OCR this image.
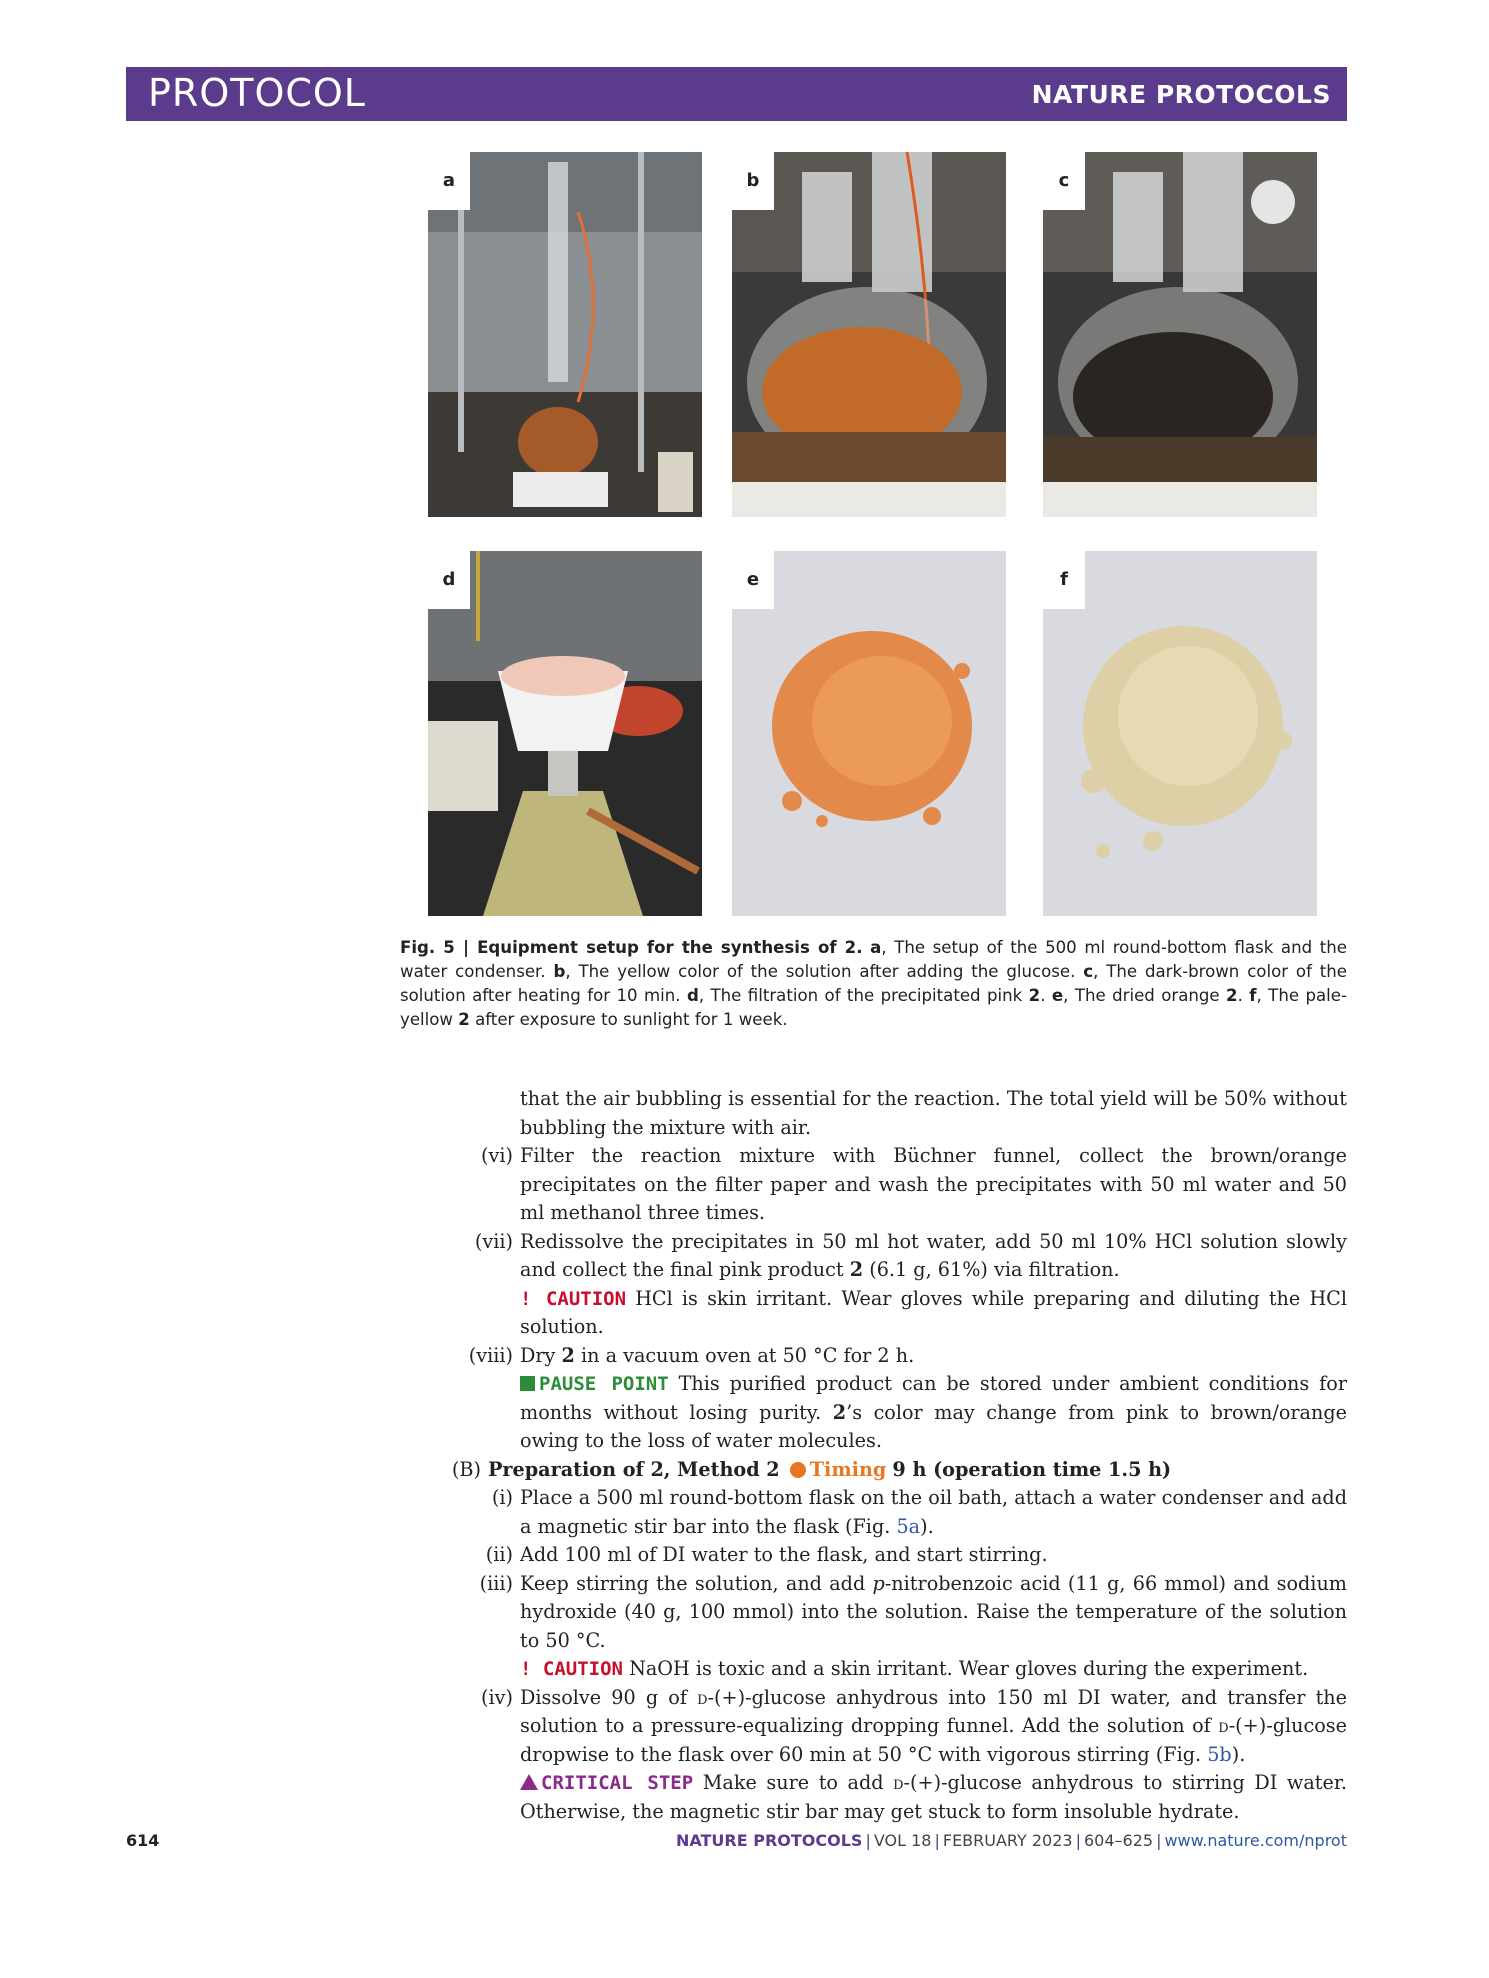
PROTOCOL	NATURE PROTOCOLS
a	b	c
d	e	f
Fig. 5 | Equipment setup for the synthesis of 2. a, The setup of the 500 ml round-bottom flask and the water condenser. b, The yellow color of the solution after adding the glucose. c, The dark-brown color of the solution after heating for 10 min. d, The filtration of the precipitated pink 2. e, The dried orange 2. f, The pale-yellow 2 after exposure to sunlight for 1 week.
that the air bubbling is essential for the reaction. The total yield will be 50% without bubbling the mixture with air.
(vi) Filter the reaction mixture with Büchner funnel, collect the brown/orange precipitates on the filter paper and wash the precipitates with 50 ml water and 50 ml methanol three times.
(vii) Redissolve the precipitates in 50 ml hot water, add 50 ml 10% HCl solution slowly and collect the final pink product 2 (6.1 g, 61%) via filtration.
! CAUTION HCl is skin irritant. Wear gloves while preparing and diluting the HCl solution.
(viii) Dry 2 in a vacuum oven at 50 °C for 2 h.
PAUSE POINT This purified product can be stored under ambient conditions for months without losing purity. 2’s color may change from pink to brown/orange owing to the loss of water molecules.
(B) Preparation of 2, Method 2 Timing 9 h (operation time 1.5 h)
(i) Place a 500 ml round-bottom flask on the oil bath, attach a water condenser and add a magnetic stir bar into the flask (Fig. 5a).
(ii) Add 100 ml of DI water to the flask, and start stirring.
(iii) Keep stirring the solution, and add p-nitrobenzoic acid (11 g, 66 mmol) and sodium hydroxide (40 g, 100 mmol) into the solution. Raise the temperature of the solution to 50 °C.
! CAUTION NaOH is toxic and a skin irritant. Wear gloves during the experiment.
(iv) Dissolve 90 g of d-(+)-glucose anhydrous into 150 ml DI water, and transfer the solution to a pressure-equalizing dropping funnel. Add the solution of d-(+)-glucose dropwise to the flask over 60 min at 50 °C with vigorous stirring (Fig. 5b).
CRITICAL STEP Make sure to add d-(+)-glucose anhydrous to stirring DI water. Otherwise, the magnetic stir bar may get stuck to form insoluble hydrate.
614	NATURE PROTOCOLS | VOL 18 | FEBRUARY 2023 | 604–625 | www.nature.com/nprot
